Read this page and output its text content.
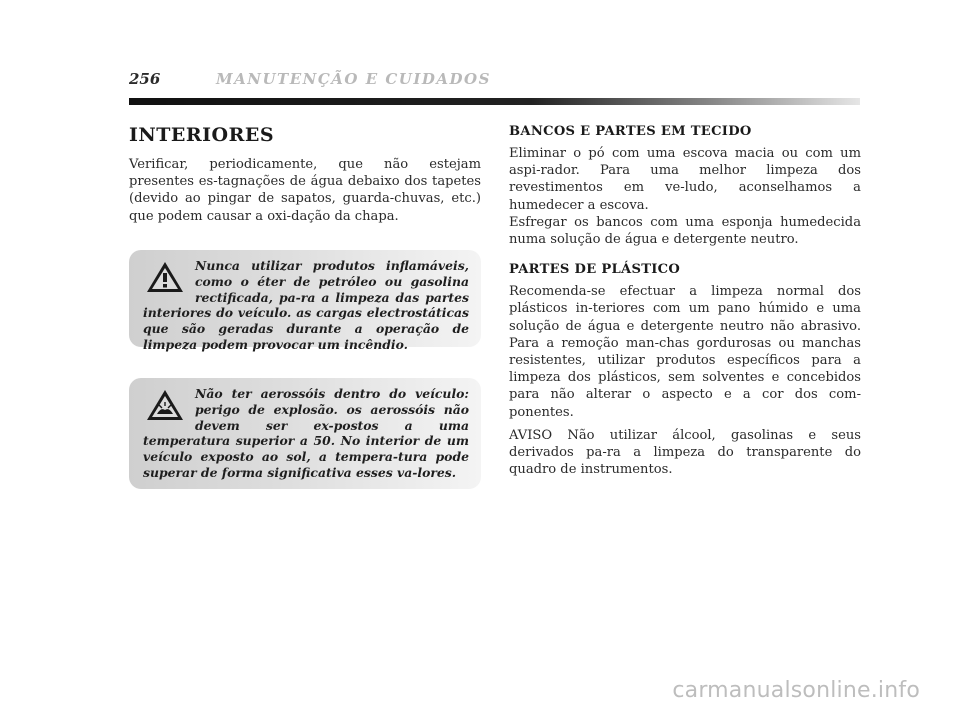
256	MANUTENÇÃO E CUIDADOS
INTERIORES

Verificar, periodicamente, que não estejam presentes es-tagnações de água debaixo dos tapetes (devido ao pingar de sapatos, guarda-chuvas, etc.) que podem causar a oxi-dação da chapa.

Nunca utilizar produtos inflamáveis, como o éter de petróleo ou gasolina rectificada, pa-ra a limpeza das partes interiores do veículo. as cargas electrostáticas que são geradas durante a operação de limpeza podem provocar um incêndio.

Não ter aerossóis dentro do veículo: perigo de explosão. os aerossóis não devem ser ex-postos a uma temperatura superior a 50. No interior de um veículo exposto ao sol, a tempera-tura pode superar de forma significativa esses va-lores.

BANCOS E PARTES EM TECIDO

Eliminar o pó com uma escova macia ou com um aspi-rador. Para uma melhor limpeza dos revestimentos em ve-ludo, aconselhamos a humedecer a escova.

Esfregar os bancos com uma esponja humedecida numa solução de água e detergente neutro.

PARTES DE PLÁSTICO

Recomenda-se efectuar a limpeza normal dos plásticos in-teriores com um pano húmido e uma solução de água e detergente neutro não abrasivo. Para a remoção man-chas gordurosas ou manchas resistentes, utilizar produtos específicos para a limpeza dos plásticos, sem solventes e concebidos para não alterar o aspecto e a cor dos com-ponentes.

AVISO Não utilizar álcool, gasolinas e seus derivados pa-ra a limpeza do transparente do quadro de instrumentos.

carmanualsonline.info
